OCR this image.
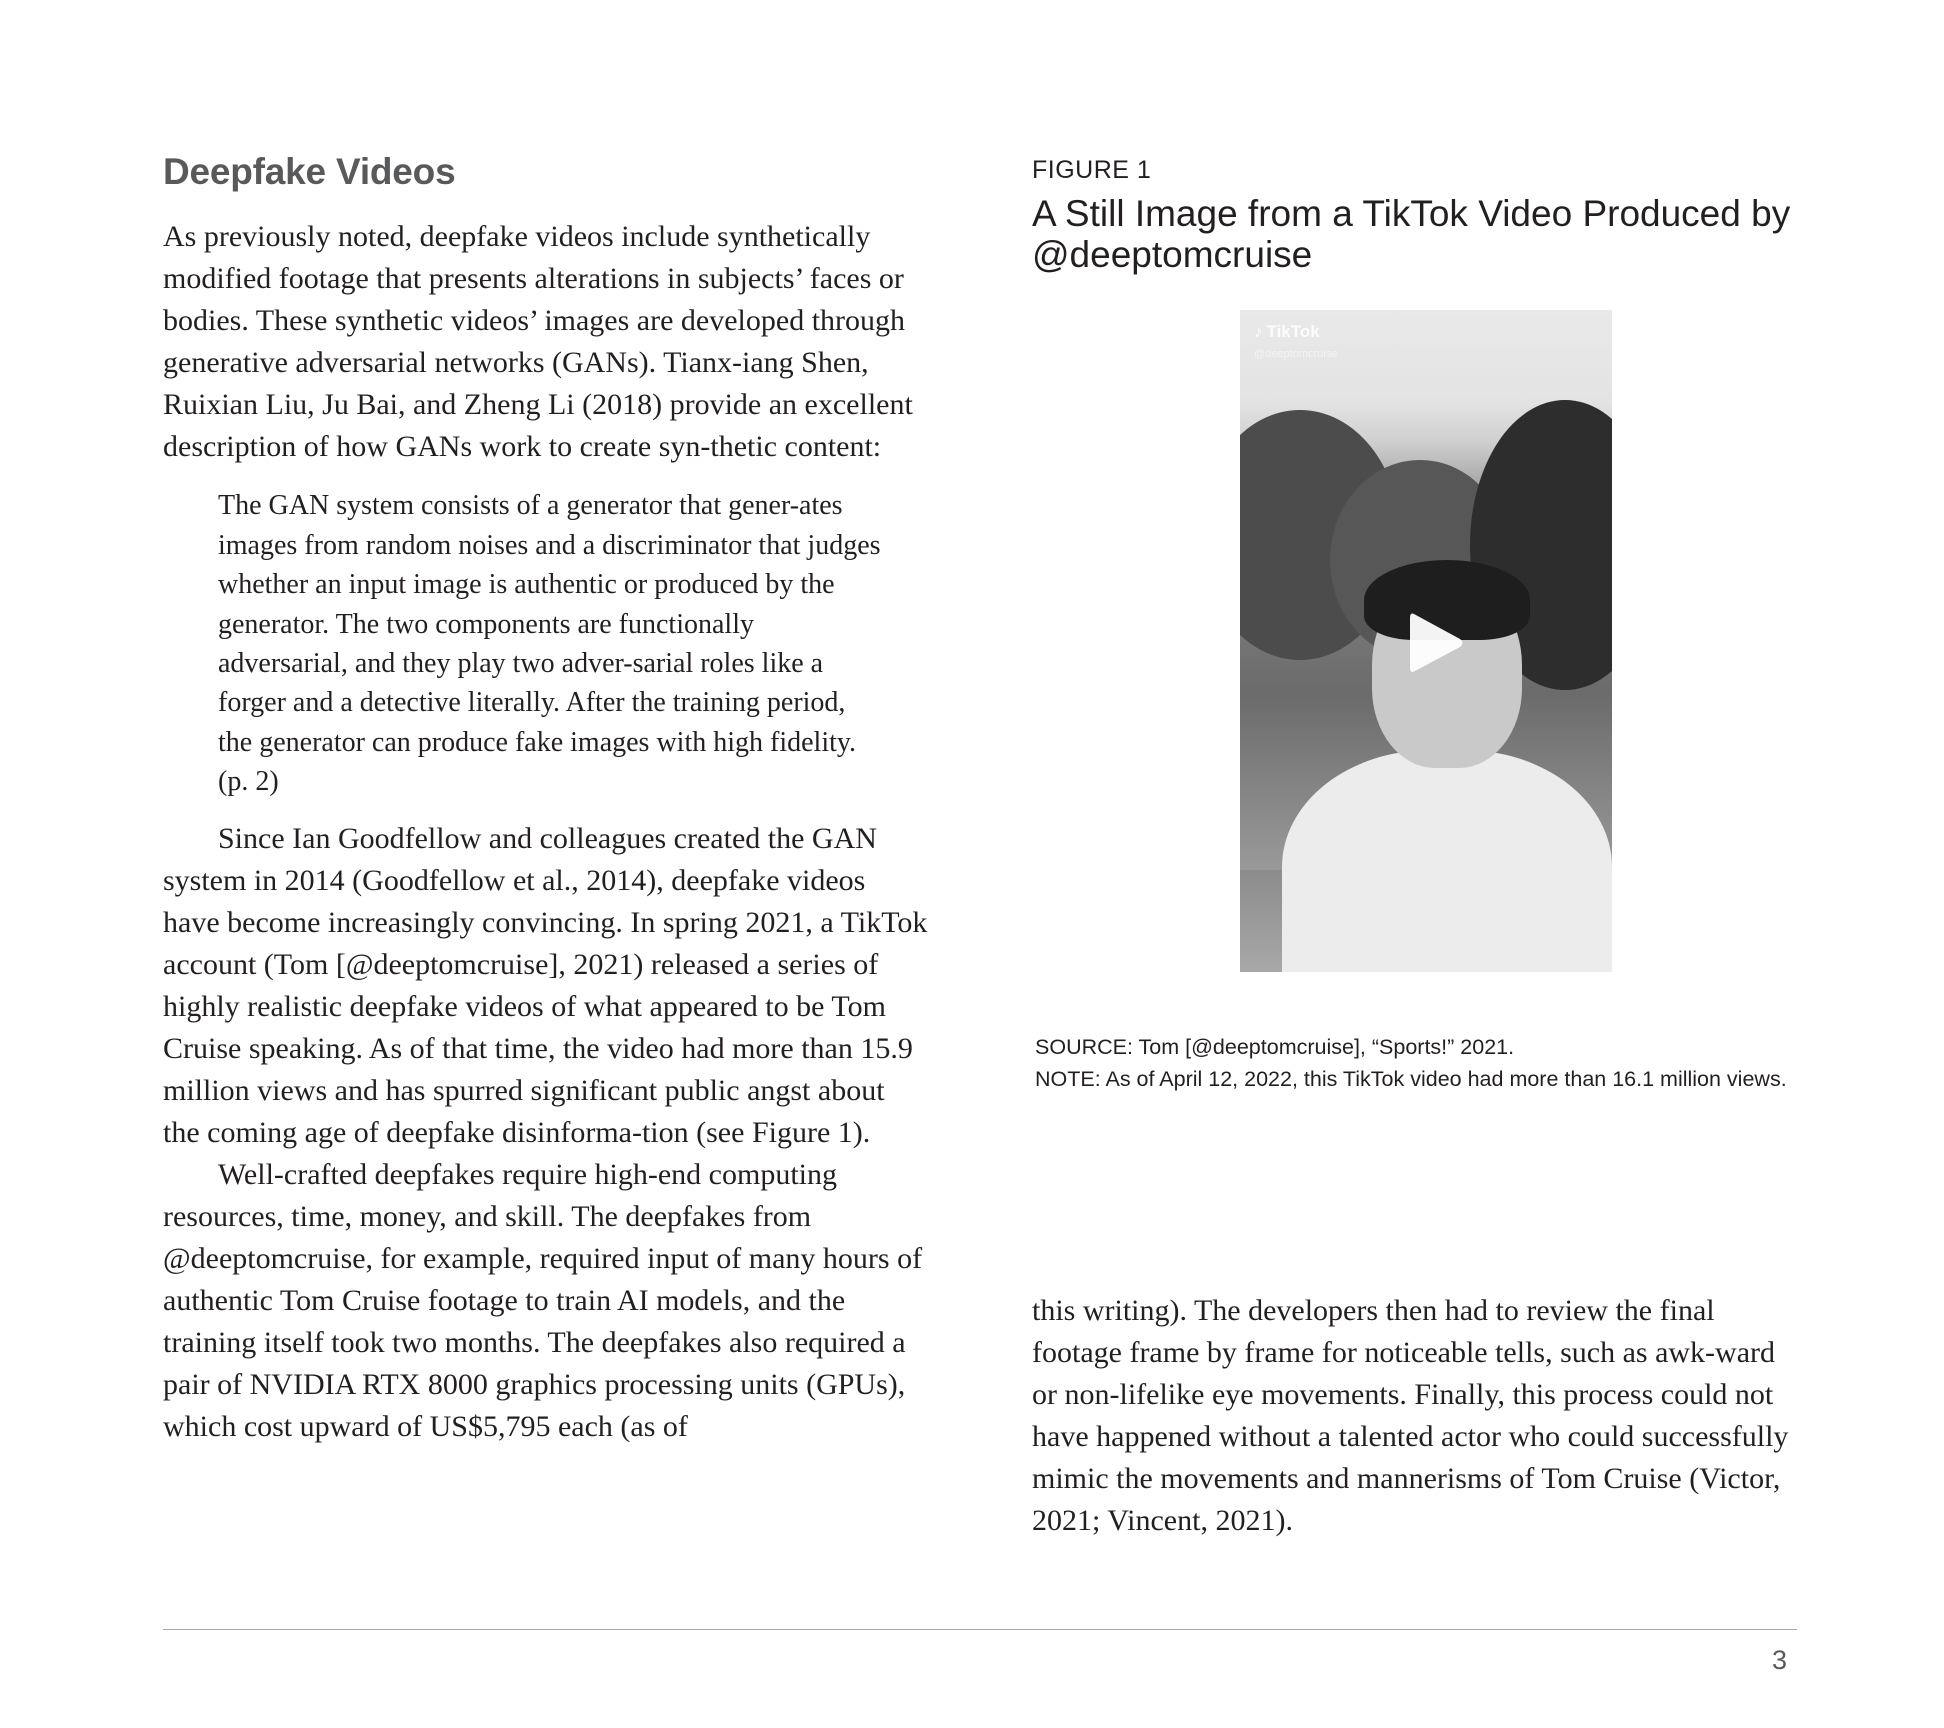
Deepfake Videos

As previously noted, deepfake videos include synthetically modified footage that presents alterations in subjects’ faces or bodies. These synthetic videos’ images are developed through generative adversarial networks (GANs). Tianx-iang Shen, Ruixian Liu, Ju Bai, and Zheng Li (2018) provide an excellent description of how GANs work to create syn-thetic content:

The GAN system consists of a generator that gener-ates images from random noises and a discriminator that judges whether an input image is authentic or produced by the generator. The two components are functionally adversarial, and they play two adver-sarial roles like a forger and a detective literally. After the training period, the generator can produce fake images with high fidelity. (p. 2)

Since Ian Goodfellow and colleagues created the GAN system in 2014 (Goodfellow et al., 2014), deepfake videos have become increasingly convincing. In spring 2021, a TikTok account (Tom [@deeptomcruise], 2021) released a series of highly realistic deepfake videos of what appeared to be Tom Cruise speaking. As of that time, the video had more than 15.9 million views and has spurred significant public angst about the coming age of deepfake disinforma-tion (see Figure 1).

Well-crafted deepfakes require high-end computing resources, time, money, and skill. The deepfakes from @deeptomcruise, for example, required input of many hours of authentic Tom Cruise footage to train AI models, and the training itself took two months. The deepfakes also required a pair of NVIDIA RTX 8000 graphics processing units (GPUs), which cost upward of US$5,795 each (as of

FIGURE 1

A Still Image from a TikTok Video Produced by @deeptomcruise

♪ TikTok
@deeptomcruise

SOURCE: Tom [@deeptomcruise], “Sports!” 2021.

NOTE: As of April 12, 2022, this TikTok video had more than 16.1 million views.

this writing). The developers then had to review the final footage frame by frame for noticeable tells, such as awk-ward or non-lifelike eye movements. Finally, this process could not have happened without a talented actor who could successfully mimic the movements and mannerisms of Tom Cruise (Victor, 2021; Vincent, 2021).

3
